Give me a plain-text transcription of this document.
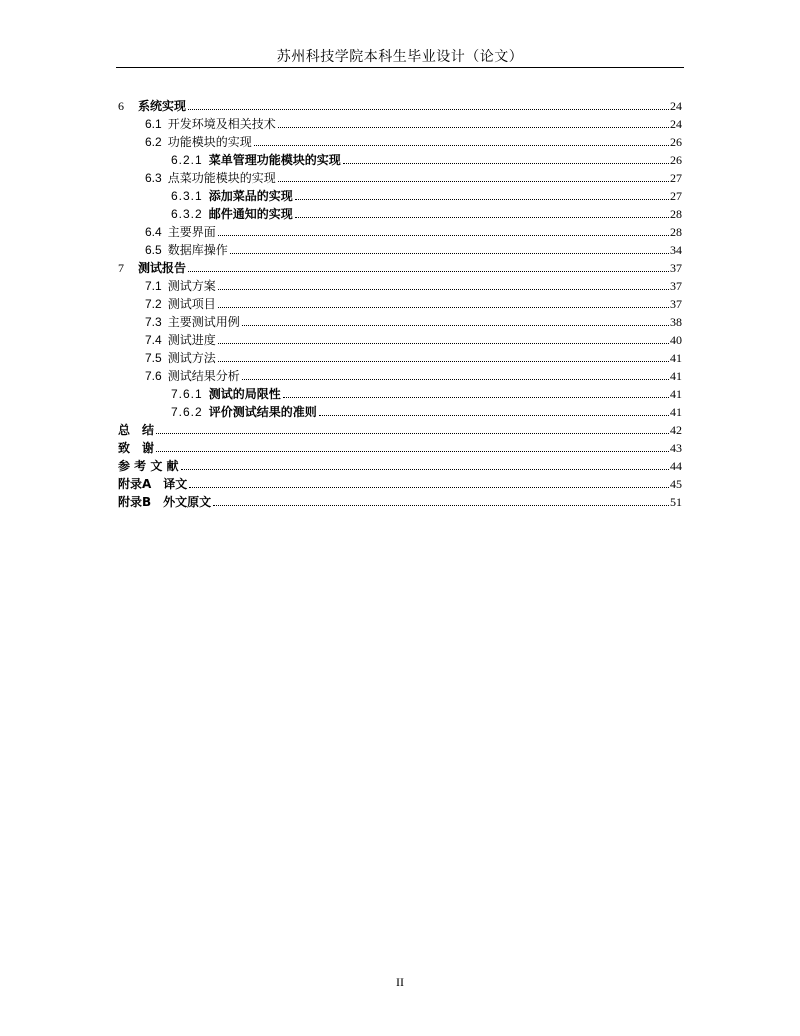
苏州科技学院本科生毕业设计（论文）
6 系统实现	24
6.1 开发环境及相关技术	24
6.2 功能模块的实现	26
6.2.1 菜单管理功能模块的实现	26
6.3 点菜功能模块的实现	27
6.3.1 添加菜品的实现	27
6.3.2 邮件通知的实现	28
6.4 主要界面	28
6.5 数据库操作	34
7 测试报告	37
7.1 测试方案	37
7.2 测试项目	37
7.3 主要测试用例	38
7.4 测试进度	40
7.5 测试方法	41
7.6 测试结果分析	41
7.6.1 测试的局限性	41
7.6.2 评价测试结果的准则	41
总　结	42
致　谢	43
参 考 文 献	44
附录A　译文	45
附录B　外文原文	51
II
